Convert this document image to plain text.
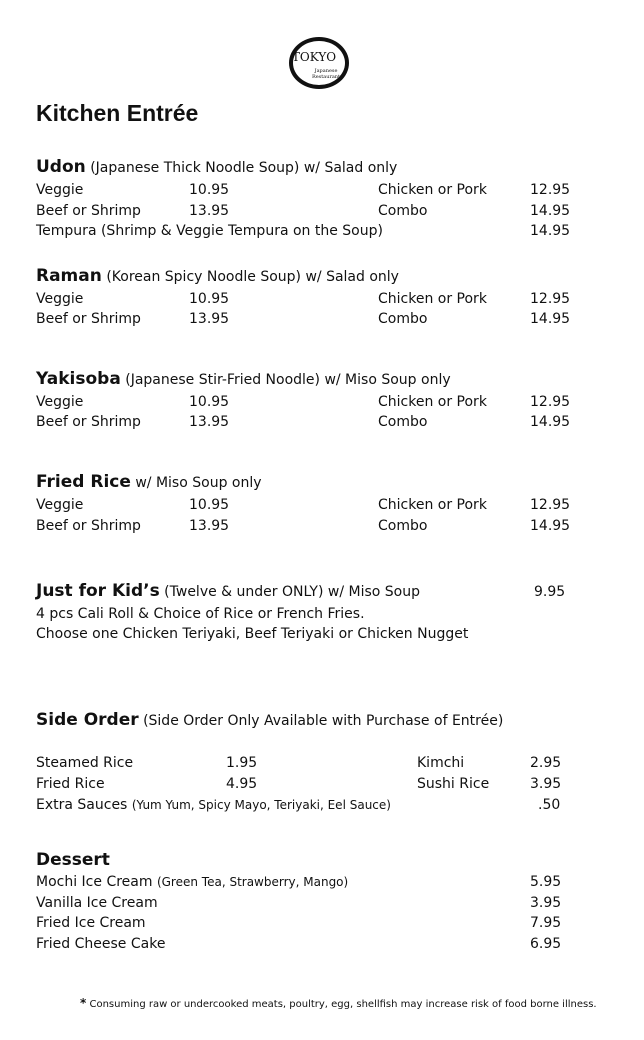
TOKYO
Japanese
Restaurant
Kitchen Entrée
Udon (Japanese Thick Noodle Soup) w/ Salad only
Veggie	10.95	Chicken or Pork	12.95
Beef or Shrimp	13.95	Combo	14.95
Tempura (Shrimp & Veggie Tempura on the Soup)	14.95
Raman (Korean Spicy Noodle Soup) w/ Salad only
Veggie	10.95	Chicken or Pork	12.95
Beef or Shrimp	13.95	Combo	14.95
Yakisoba (Japanese Stir-Fried Noodle) w/ Miso Soup only
Veggie	10.95	Chicken or Pork	12.95
Beef or Shrimp	13.95	Combo	14.95
Fried Rice w/ Miso Soup only
Veggie	10.95	Chicken or Pork	12.95
Beef or Shrimp	13.95	Combo	14.95
Just for Kid’s (Twelve & under ONLY) w/ Miso Soup	9.95
4 pcs Cali Roll & Choice of Rice or French Fries.
Choose one Chicken Teriyaki, Beef Teriyaki or Chicken Nugget
Side Order (Side Order Only Available with Purchase of Entrée)
Steamed Rice	1.95	Kimchi	2.95
Fried Rice	4.95	Sushi Rice	3.95
Extra Sauces (Yum Yum, Spicy Mayo, Teriyaki, Eel Sauce)	.50
Dessert
Mochi Ice Cream (Green Tea, Strawberry, Mango)	5.95
Vanilla Ice Cream	3.95
Fried Ice Cream	7.95
Fried Cheese Cake	6.95
* Consuming raw or undercooked meats, poultry, egg, shellfish may increase risk of food borne illness.
